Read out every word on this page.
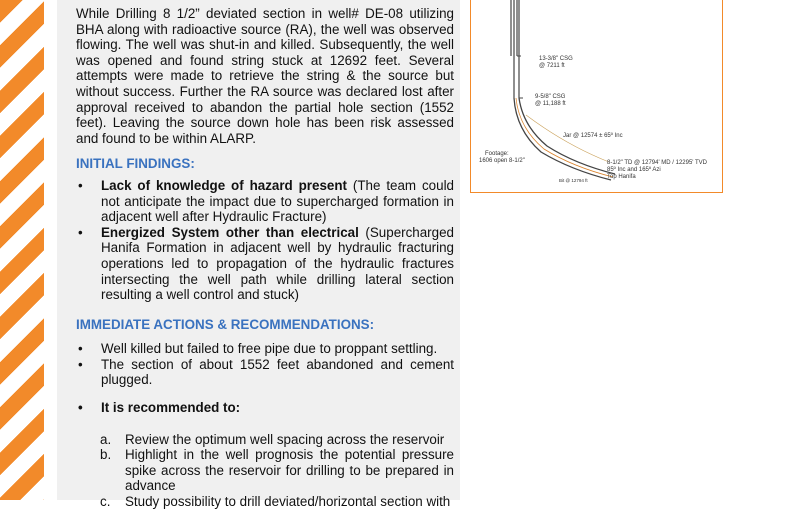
While Drilling 8 1/2” deviated section in well# DE-08 utilizing BHA along with radioactive source (RA), the well was observed flowing. The well was shut-in and killed. Subsequently, the well was opened and found string stuck at 12692 feet. Several attempts were made to retrieve the string & the source but without success. Further the RA source was declared lost after approval received to abandon the partial hole section (1552 feet). Leaving the source down hole has been risk assessed and found to be within ALARP.

INITIAL FINDINGS:

• Lack of knowledge of hazard present (The team could not anticipate the impact due to supercharged formation in adjacent well after Hydraulic Fracture)
• Energized System other than electrical (Supercharged Hanifa Formation in adjacent well by hydraulic fracturing operations led to propagation of the hydraulic fractures intersecting the well path while drilling lateral section resulting a well control and stuck)

IMMEDIATE ACTIONS & RECOMMENDATIONS:

• Well killed but failed to free pipe due to proppant settling.
• The section of about 1552 feet abandoned and cement plugged.
• It is recommended to:
a. Review the optimum well spacing across the reservoir
b. Highlight in the well prognosis the potential pressure spike across the reservoir for drilling to be prepared in advance
c. Study possibility to drill deviated/horizontal section with
13-3/8" CSG
@ 7211 ft
9-5/8" CSG
@ 11,188 ft
Jar @ 12574 ± 65º Inc
Footage:
1606 open 8-1/2"	8-1/2" TD @ 12794' MD / 12295' TVD
85º Inc and 165º Azi
Top Hanifa
Bit @ 12794 ft
